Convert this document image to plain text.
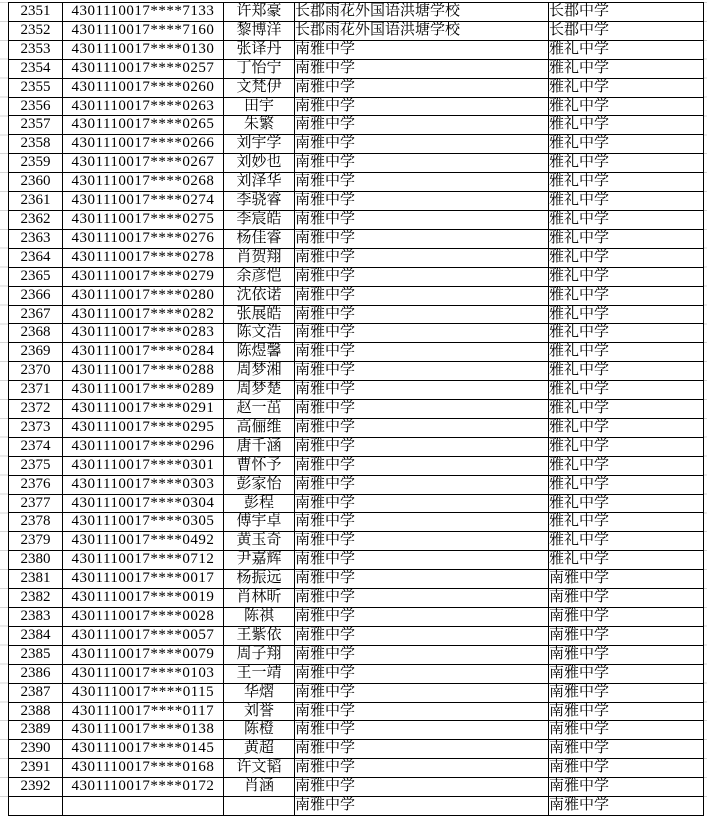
2351	4301110017****7133	许郑豪	长郡雨花外国语洪塘学校	长郡中学
2352	4301110017****7160	黎博洋	长郡雨花外国语洪塘学校	长郡中学
2353	4301110017****0130	张译丹	南雅中学	雅礼中学
2354	4301110017****0257	丁怡宁	南雅中学	雅礼中学
2355	4301110017****0260	文梵伊	南雅中学	雅礼中学
2356	4301110017****0263	田宇	南雅中学	雅礼中学
2357	4301110017****0265	朱繁	南雅中学	雅礼中学
2358	4301110017****0266	刘宇学	南雅中学	雅礼中学
2359	4301110017****0267	刘妙也	南雅中学	雅礼中学
2360	4301110017****0268	刘泽华	南雅中学	雅礼中学
2361	4301110017****0274	李骁睿	南雅中学	雅礼中学
2362	4301110017****0275	李宸皓	南雅中学	雅礼中学
2363	4301110017****0276	杨佳睿	南雅中学	雅礼中学
2364	4301110017****0278	肖贺翔	南雅中学	雅礼中学
2365	4301110017****0279	余彦恺	南雅中学	雅礼中学
2366	4301110017****0280	沈依诺	南雅中学	雅礼中学
2367	4301110017****0282	张展皓	南雅中学	雅礼中学
2368	4301110017****0283	陈文浩	南雅中学	雅礼中学
2369	4301110017****0284	陈煜馨	南雅中学	雅礼中学
2370	4301110017****0288	周梦湘	南雅中学	雅礼中学
2371	4301110017****0289	周梦楚	南雅中学	雅礼中学
2372	4301110017****0291	赵一茁	南雅中学	雅礼中学
2373	4301110017****0295	高俪维	南雅中学	雅礼中学
2374	4301110017****0296	唐千涵	南雅中学	雅礼中学
2375	4301110017****0301	曹怀予	南雅中学	雅礼中学
2376	4301110017****0303	彭家怡	南雅中学	雅礼中学
2377	4301110017****0304	彭程	南雅中学	雅礼中学
2378	4301110017****0305	傅宇卓	南雅中学	雅礼中学
2379	4301110017****0492	黄玉奇	南雅中学	雅礼中学
2380	4301110017****0712	尹嘉辉	南雅中学	雅礼中学
2381	4301110017****0017	杨振远	南雅中学	南雅中学
2382	4301110017****0019	肖林昕	南雅中学	南雅中学
2383	4301110017****0028	陈祺	南雅中学	南雅中学
2384	4301110017****0057	王紫依	南雅中学	南雅中学
2385	4301110017****0079	周子翔	南雅中学	南雅中学
2386	4301110017****0103	王一靖	南雅中学	南雅中学
2387	4301110017****0115	华熠	南雅中学	南雅中学
2388	4301110017****0117	刘誉	南雅中学	南雅中学
2389	4301110017****0138	陈橙	南雅中学	南雅中学
2390	4301110017****0145	黄超	南雅中学	南雅中学
2391	4301110017****0168	许文韬	南雅中学	南雅中学
2392	4301110017****0172	肖涵	南雅中学	南雅中学
			南雅中学	南雅中学
